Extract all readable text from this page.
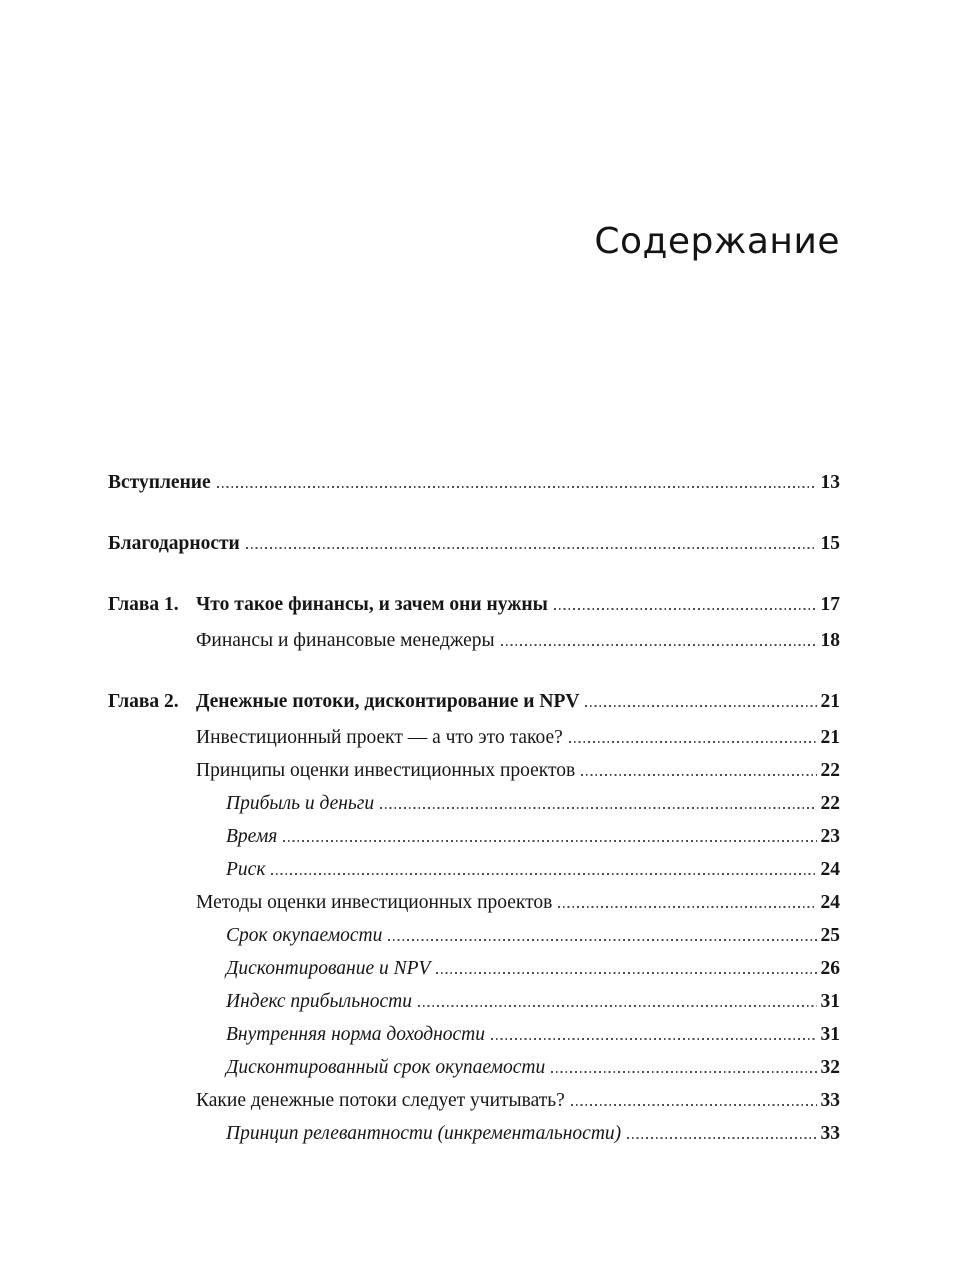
Содержание
Вступление	13
Благодарности	15
Глава 1. Что такое финансы, и зачем они нужны	17
Финансы и финансовые менеджеры	18
Глава 2. Денежные потоки, дисконтирование и NPV	21
Инвестиционный проект — а что это такое?	21
Принципы оценки инвестиционных проектов	22
Прибыль и деньги	22
Время	23
Риск	24
Методы оценки инвестиционных проектов	24
Срок окупаемости	25
Дисконтирование и NPV	26
Индекс прибыльности	31
Внутренняя норма доходности	31
Дисконтированный срок окупаемости	32
Какие денежные потоки следует учитывать?	33
Принцип релевантности (инкрементальности)	33
